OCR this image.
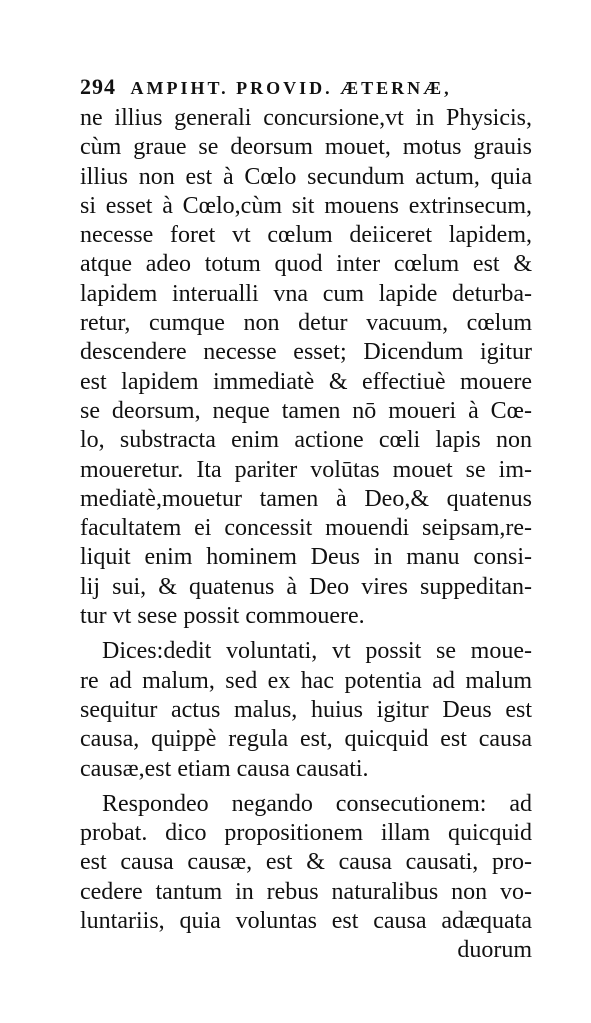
294 AMPIHT. PROVID. ÆTERNÆ,
ne illius generali concursione,vt in Physicis,
cùm graue se deorsum mouet, motus grauis
illius non est à Cœlo secundum actum, quia
si esset à Cœlo,cùm sit mouens extrinsecum,
necesse foret vt cœlum deiiceret lapidem,
atque adeo totum quod inter cœlum est &
lapidem interualli vna cum lapide deturba-
retur, cumque non detur vacuum, cœlum
descendere necesse esset; Dicendum igitur
est lapidem immediatè & effectiuè mouere
se deorsum, neque tamen nō moueri à Cœ-
lo, substracta enim actione cœli lapis non
moueretur. Ita pariter volūtas mouet se im-
mediatè,mouetur tamen à Deo,& quatenus
facultatem ei concessit mouendi seipsam,re-
liquit enim hominem Deus in manu consi-
lij sui, & quatenus à Deo vires suppeditan-
tur vt sese possit commouere.
Dices:dedit voluntati, vt possit se moue-
re ad malum, sed ex hac potentia ad malum
sequitur actus malus, huius igitur Deus est
causa, quippè regula est, quicquid est causa
causæ,est etiam causa causati.
Respondeo negando consecutionem: ad
probat. dico propositionem illam quicquid
est causa causæ, est & causa causati, pro-
cedere tantum in rebus naturalibus non vo-
luntariis, quia voluntas est causa adæquata
duorum
